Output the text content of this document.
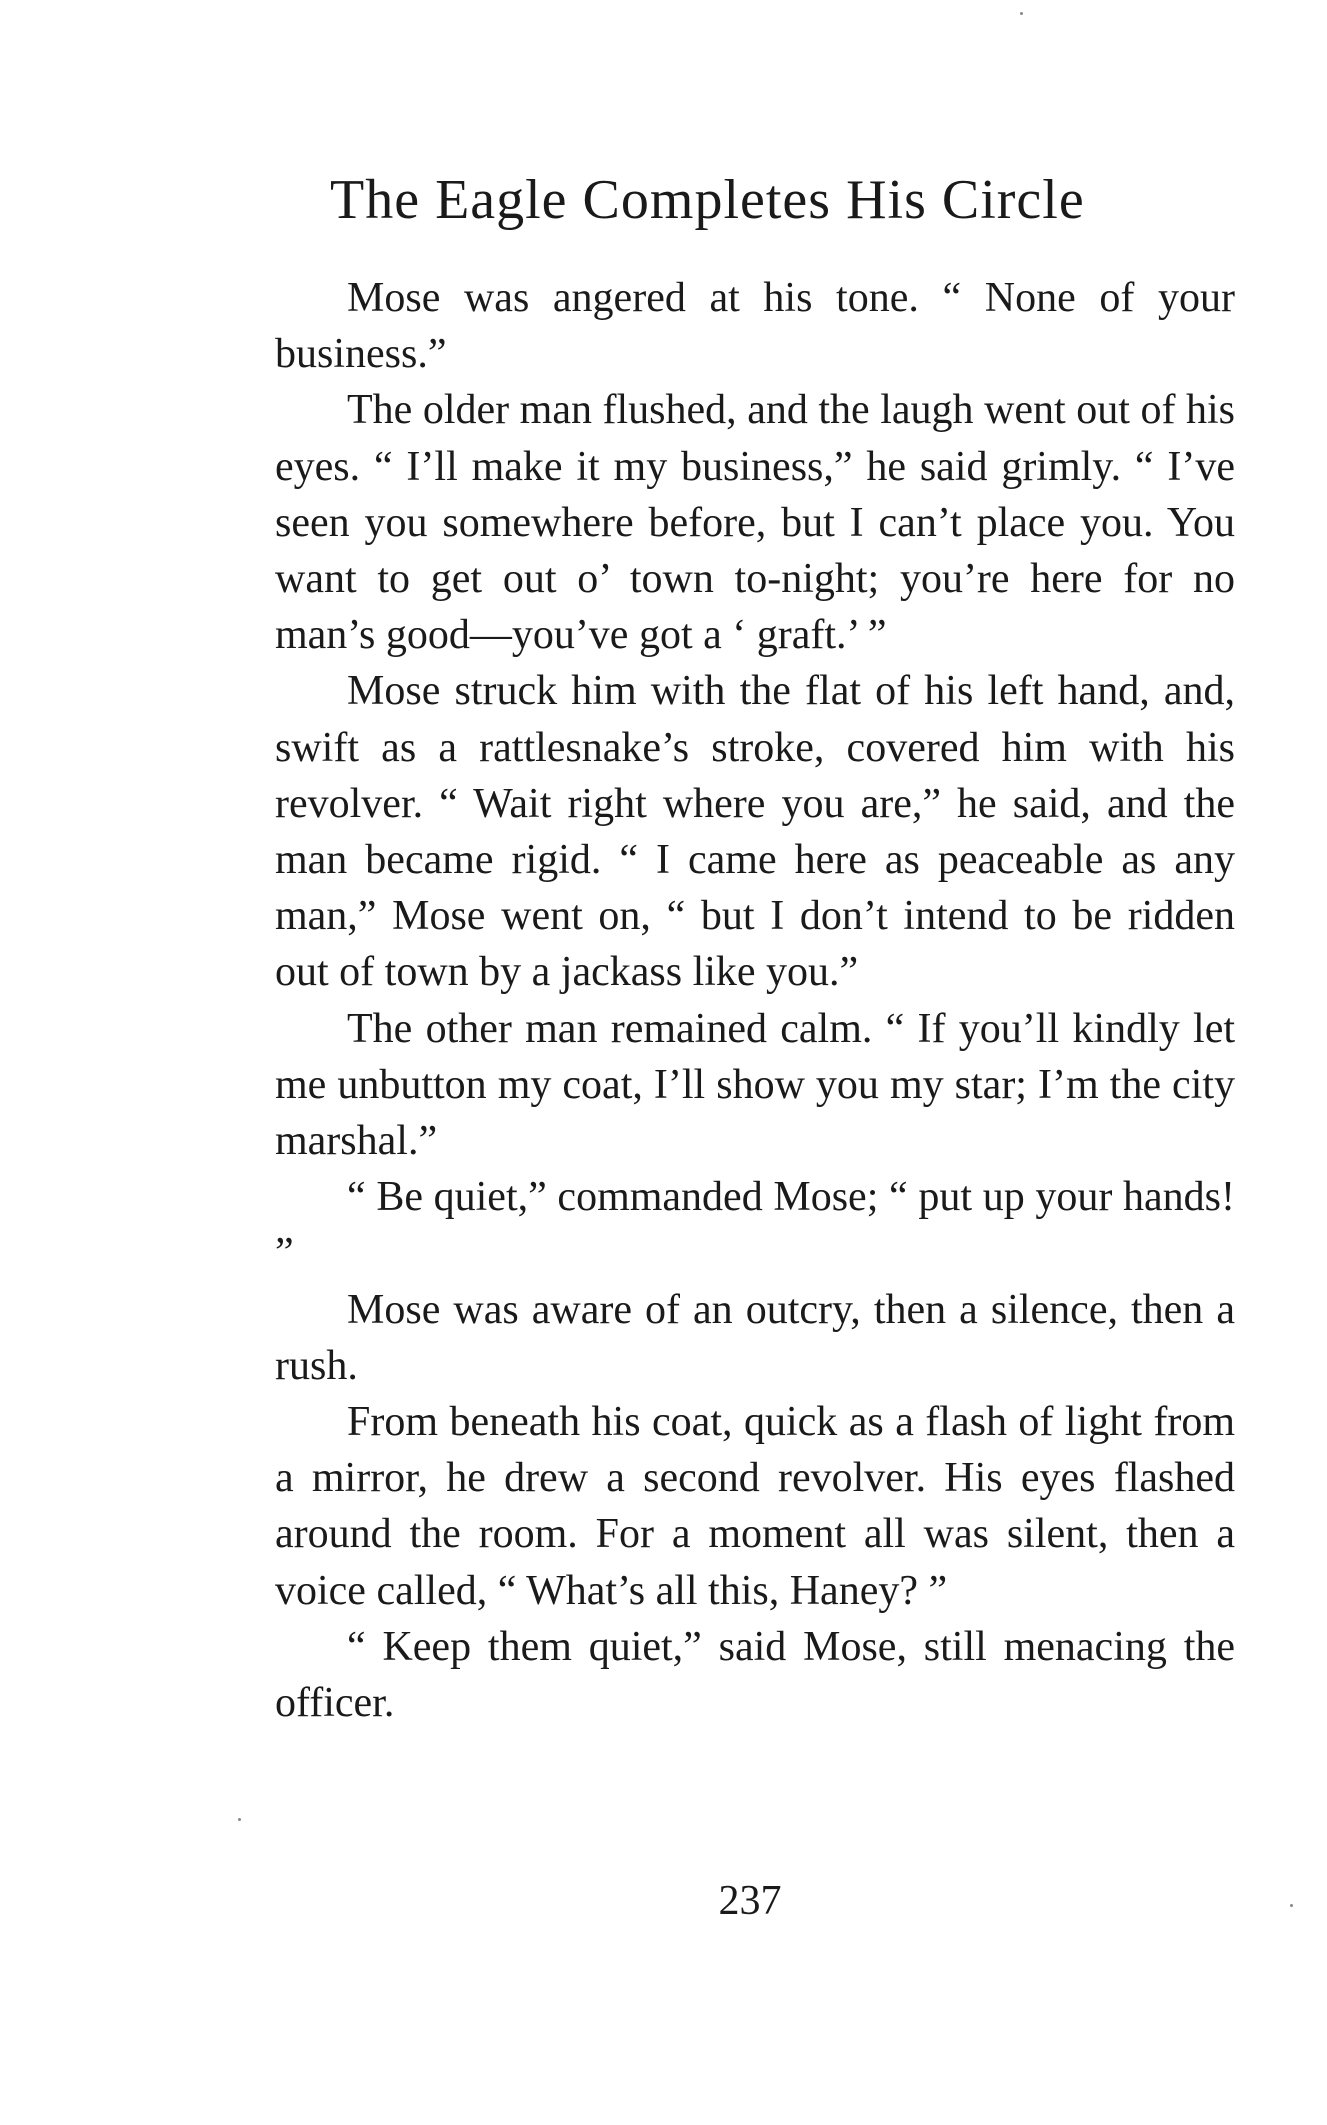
The Eagle Completes His Circle

Mose was angered at his tone. “ None of your business.”

The older man flushed, and the laugh went out of his eyes. “ I’ll make it my business,” he said grimly. “ I’ve seen you somewhere before, but I can’t place you. You want to get out o’ town to-night; you’re here for no man’s good—you’ve got a ‘ graft.’ ”

Mose struck him with the flat of his left hand, and, swift as a rattlesnake’s stroke, covered him with his revolver. “ Wait right where you are,” he said, and the man became rigid. “ I came here as peaceable as any man,” Mose went on, “ but I don’t intend to be ridden out of town by a jackass like you.”

The other man remained calm. “ If you’ll kindly let me unbutton my coat, I’ll show you my star; I’m the city marshal.”

“ Be quiet,” commanded Mose; “ put up your hands! ”

Mose was aware of an outcry, then a silence, then a rush.

From beneath his coat, quick as a flash of light from a mirror, he drew a second revolver. His eyes flashed around the room. For a moment all was silent, then a voice called, “ What’s all this, Haney? ”

“ Keep them quiet,” said Mose, still menacing the officer.

237
